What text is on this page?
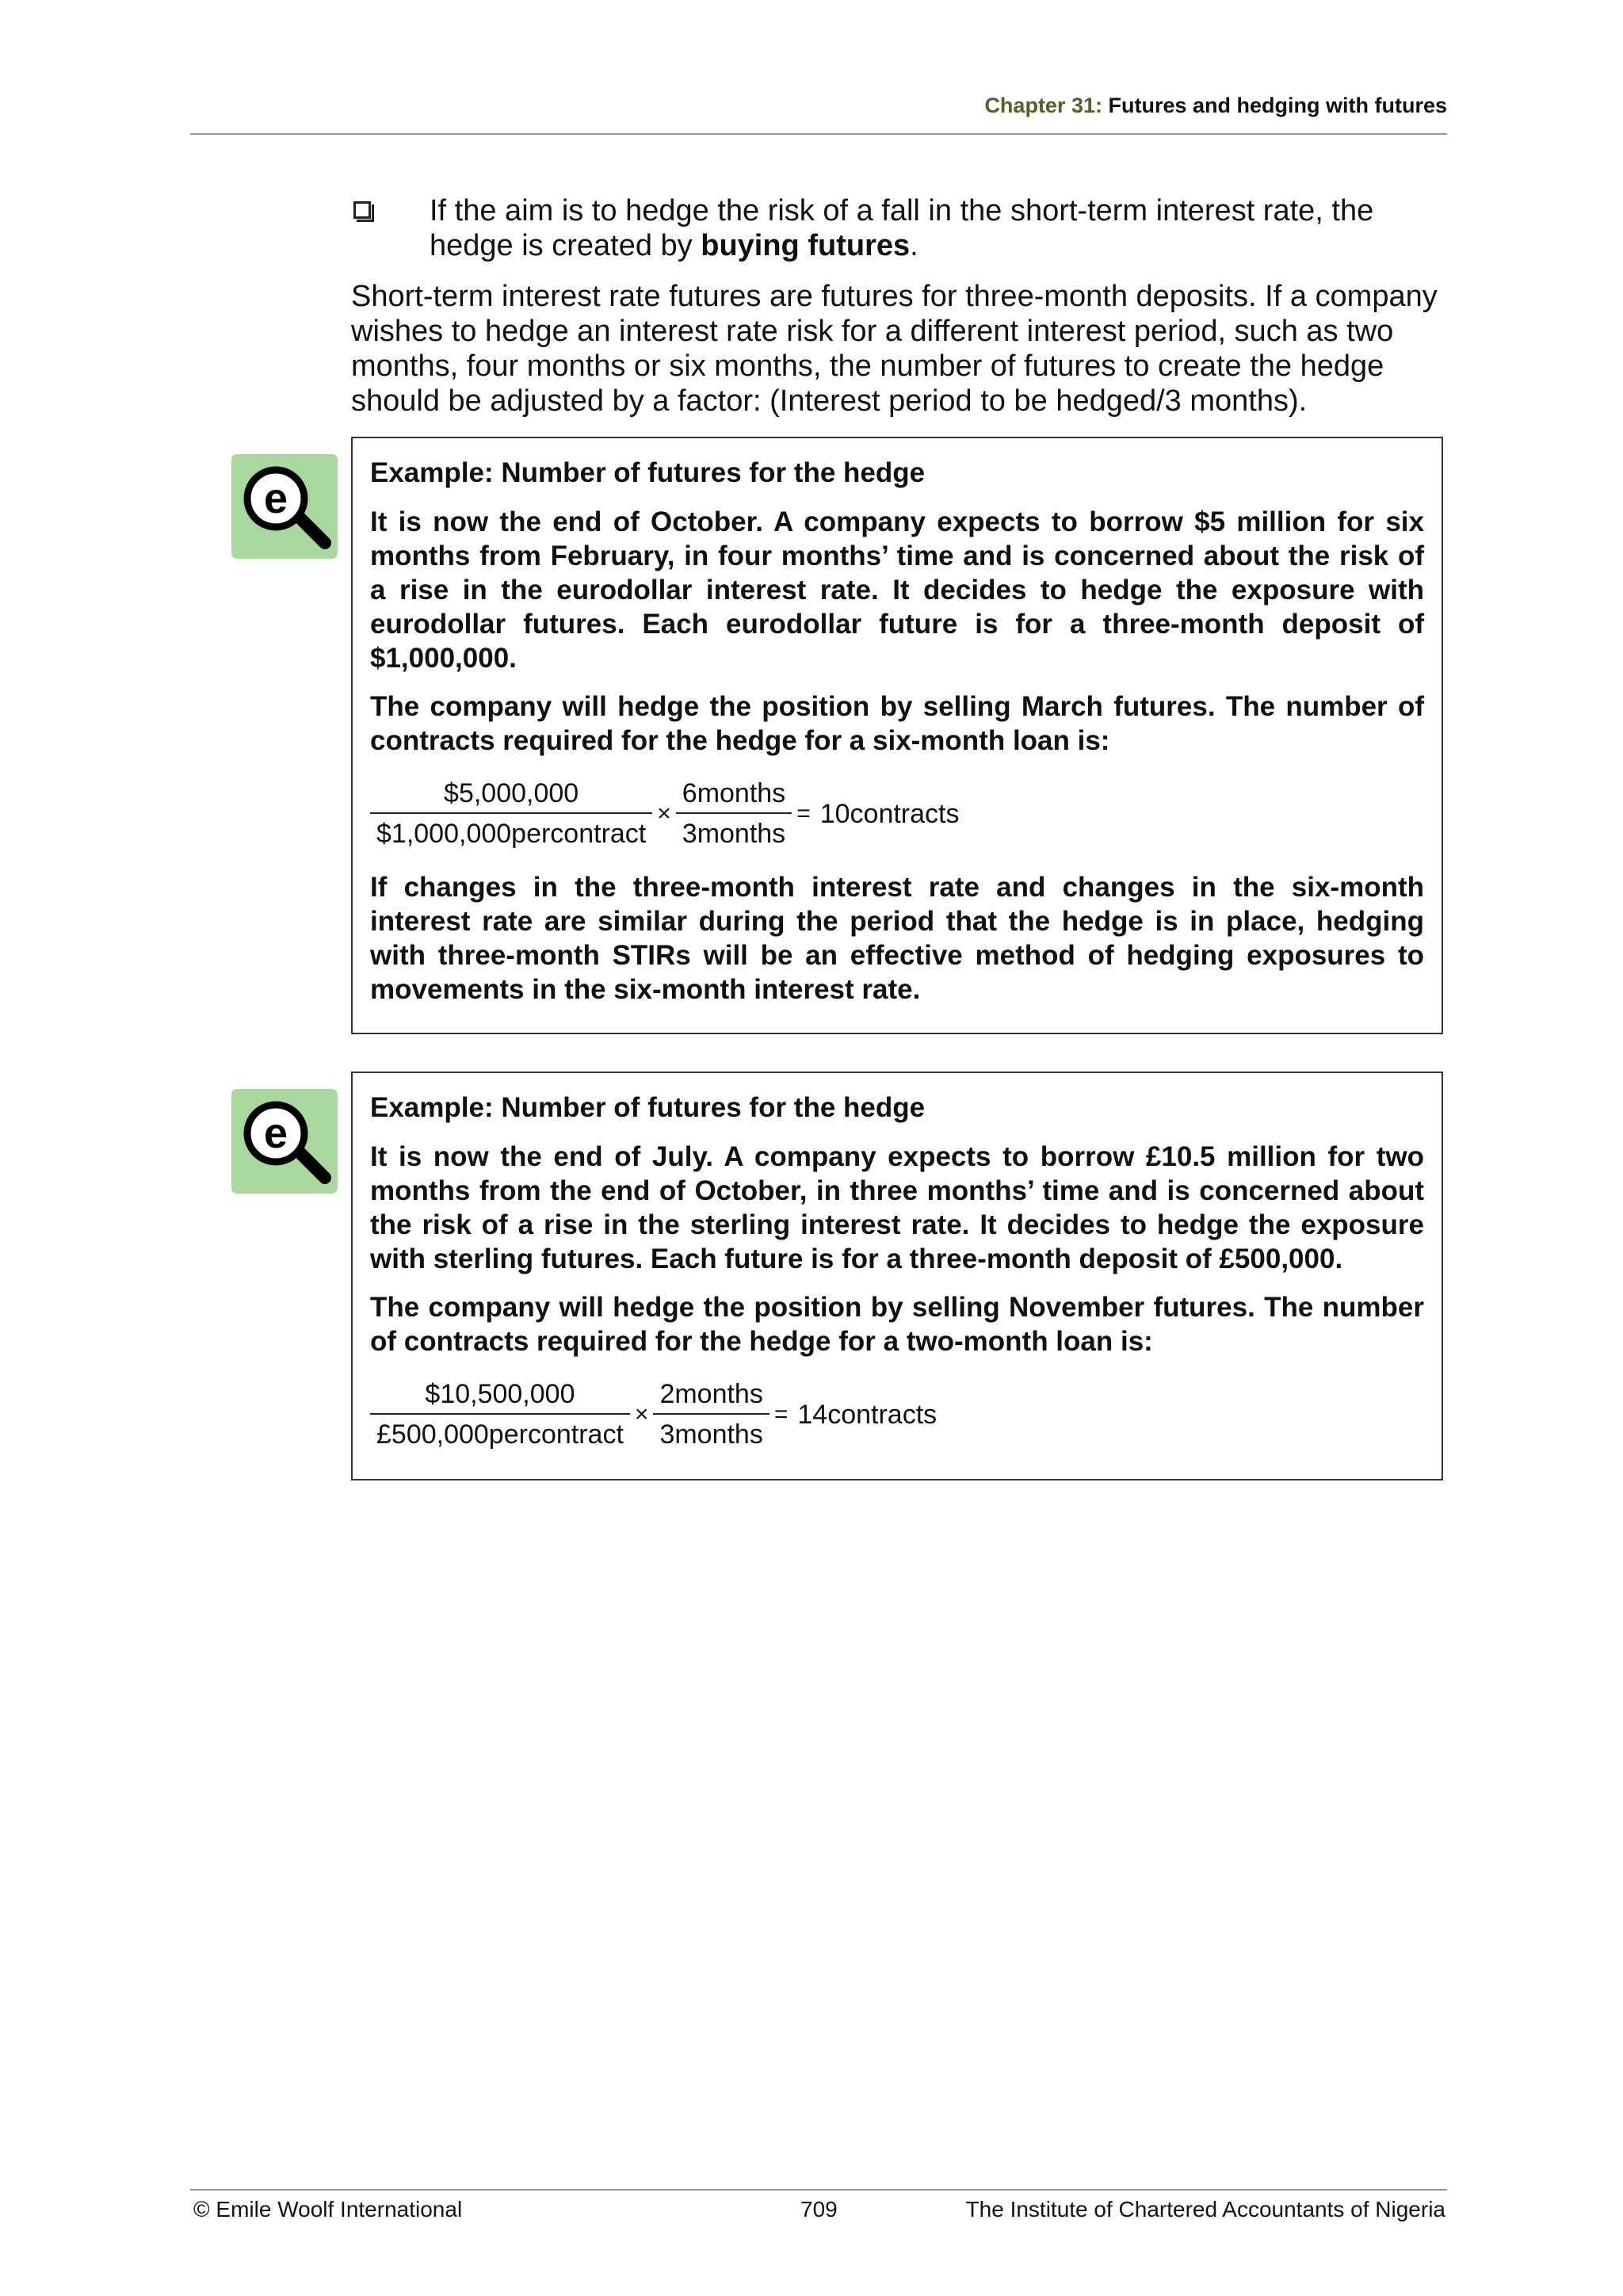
Chapter 31: Futures and hedging with futures
If the aim is to hedge the risk of a fall in the short-term interest rate, the hedge is created by buying futures.
Short-term interest rate futures are futures for three-month deposits. If a company wishes to hedge an interest rate risk for a different interest period, such as two months, four months or six months, the number of futures to create the hedge should be adjusted by a factor: (Interest period to be hedged/3 months).
e
Example: Number of futures for the hedge

It is now the end of October. A company expects to borrow $5 million for six months from February, in four months’ time and is concerned about the risk of a rise in the eurodollar interest rate. It decides to hedge the exposure with eurodollar futures. Each eurodollar future is for a three-month deposit of $1,000,000.

The company will hedge the position by selling March futures. The number of contracts required for the hedge for a six-month loan is:

$\frac{\$5,000,000}{\text{\$1,000,000percontract}} \times \frac{\text{6months}}{\text{3months}}$ = 10contracts

If changes in the three-month interest rate and changes in the six-month interest rate are similar during the period that the hedge is in place, hedging with three-month STIRs will be an effective method of hedging exposures to movements in the six-month interest rate.

e
Example: Number of futures for the hedge

It is now the end of July. A company expects to borrow £10.5 million for two months from the end of October, in three months’ time and is concerned about the risk of a rise in the sterling interest rate. It decides to hedge the exposure with sterling futures. Each future is for a three-month deposit of £500,000.

The company will hedge the position by selling November futures. The number of contracts required for the hedge for a two-month loan is:

$\frac{\$10,500,000}{\text{£500,000percontract}} \times \frac{\text{2months}}{\text{3months}}$ = 14contracts
© Emile Woolf International	709	The Institute of Chartered Accountants of Nigeria
